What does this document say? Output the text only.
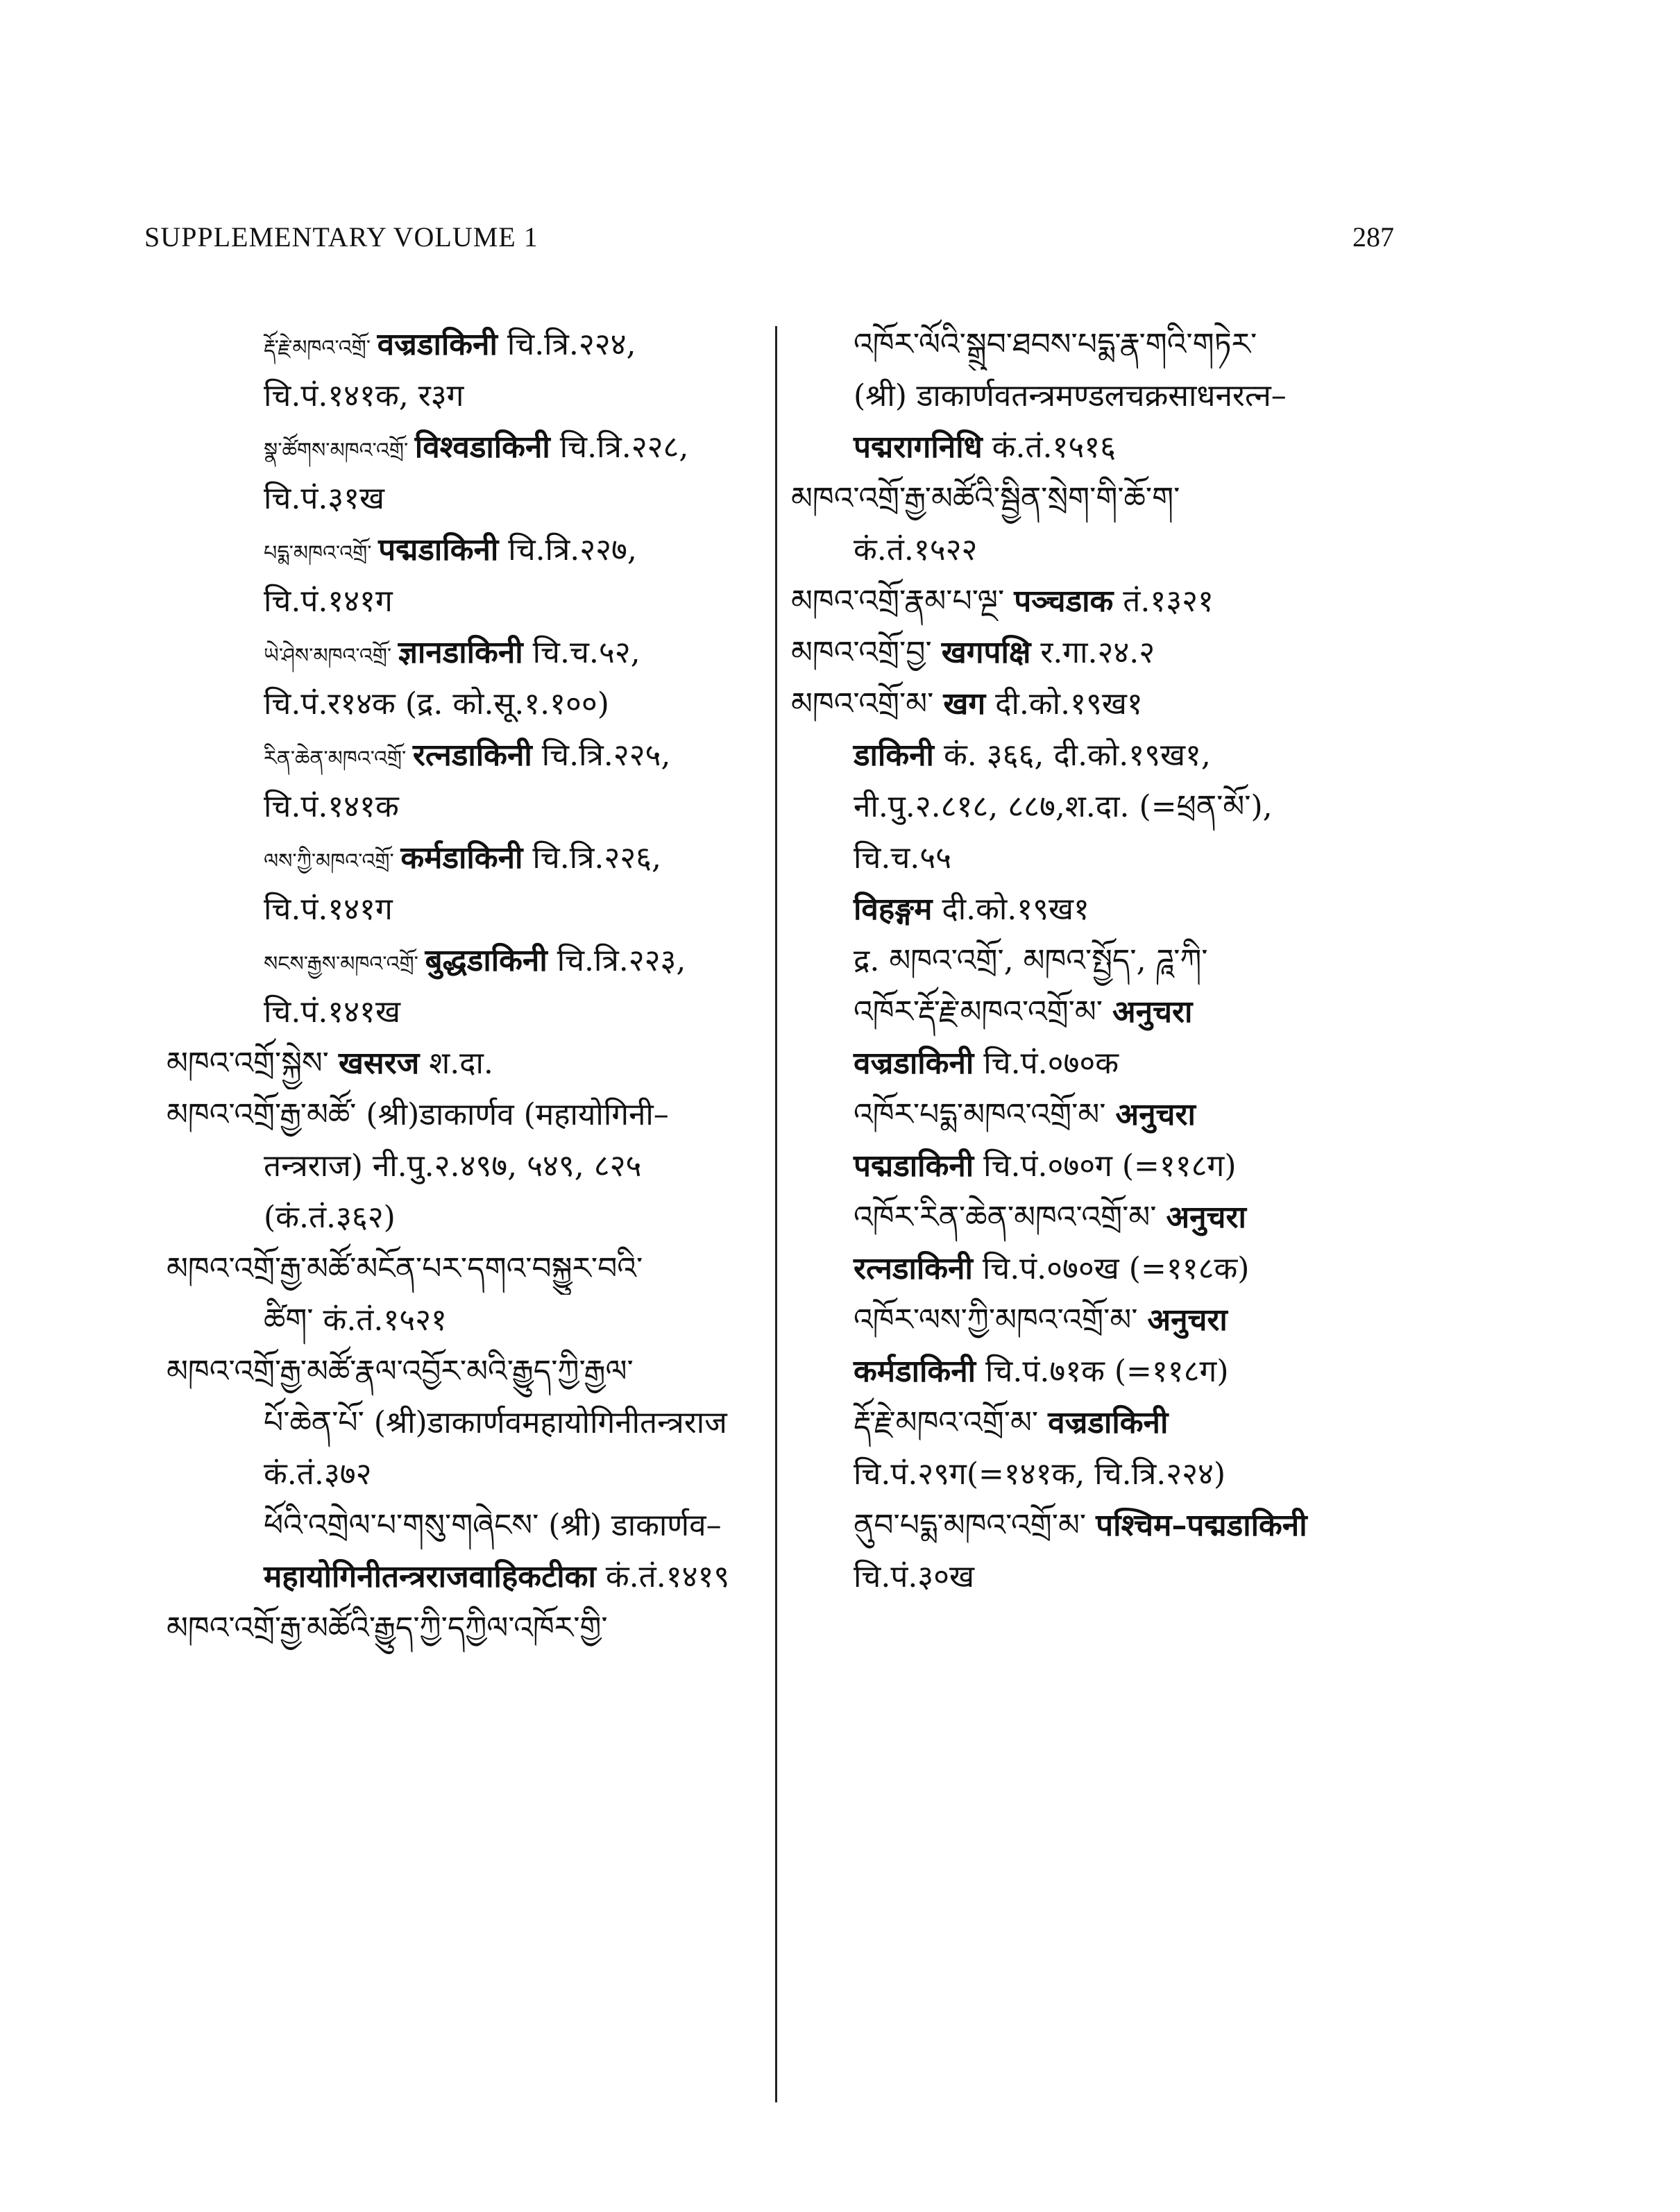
SUPPLEMENTARY VOLUME 1	287
རྡོ་རྗེ་མཁའ་འགྲོ་ वज्रडाकिनी चि.त्रि.२२४,
चि.पं.१४१क, र३ग
སྣ་ཚོགས་མཁའ་འགྲོ་ विश्वडाकिनी चि.त्रि.२२८,
चि.पं.३१ख
པདྨ་མཁའ་འགྲོ་ पद्मडाकिनी चि.त्रि.२२७,
चि.पं.१४१ग
ཡེ་ཤེས་མཁའ་འགྲོ་ ज्ञानडाकिनी चि.च.५२,
चि.पं.र१४क (द्र. को.सू.१.१००)
རིན་ཆེན་མཁའ་འགྲོ་ रत्नडाकिनी चि.त्रि.२२५,
चि.पं.१४१क
ལས་ཀྱི་མཁའ་འགྲོ་ कर्मडाकिनी चि.त्रि.२२६,
चि.पं.१४१ग
སངས་རྒྱས་མཁའ་འགྲོ་ बुद्धडाकिनी चि.त्रि.२२३,
चि.पं.१४१ख
མཁའ་འགྲོ་སྐྱེས་ खसरज श.दा.
མཁའ་འགྲོ་རྒྱ་མཚོ་ (श्री)डाकार्णव (महायोगिनी–
तन्त्रराज) नी.पु.२.४९७, ५४९, ८२५
(कं.तं.३६२)
མཁའ་འགྲོ་རྒྱ་མཚོ་མངོན་པར་དགའ་བསྐྱུར་བའི་
ཚིག་ कं.तं.१५२१
མཁའ་འགྲོ་རྒྱ་མཚོ་རྣལ་འབྱོར་མའི་རྒྱུད་ཀྱི་རྒྱལ་
པོ་ཆེན་པོ་ (श्री)डाकार्णवमहायोगिनीतन्त्रराज
कं.तं.३७२
ཕོའི་འགྲེལ་པ་གསུ་གཞེངས་ (श्री) डाकार्णव–
महायोगिनीतन्त्रराजवाहिकटीका कं.तं.१४१९
མཁའ་འགྲོ་རྒྱ་མཚོའི་རྒྱུད་ཀྱི་དཀྱིལ་འཁོར་གྱི་
འཁོར་ལོའི་སྒྲུབ་ཐབས་པདྨ་རྣ་གའི་གཏེར་
(श्री) डाकार्णवतन्त्रमण्डलचक्रसाधनरत्न–
पद्मरागनिधि कं.तं.१५१६
མཁའ་འགྲོ་རྒྱ་མཚོའི་སྦྱིན་སྲེག་གི་ཆོ་ག་
कं.तं.१५२२
མཁའ་འགྲོ་རྣམ་པ་ལྔ་ पञ्चडाक तं.१३२१
མཁའ་འགྲོ་བྱ་ खगपक्षि र.गा.२४.२
མཁའ་འགྲོ་མ་ खग दी.को.१९ख१
डाकिनी कं. ३६६, दी.को.१९ख१,
नी.पु.२.८१८, ८८७,श.दा. (=ཕྲན་མོ་),
चि.च.५५
विहङ्गम दी.को.१९ख१
द्र. མཁའ་འགྲོ་, མཁའ་སྤྱོད་, ཌཱ་ཀི་
འཁོར་རྡོ་རྗེ་མཁའ་འགྲོ་མ་ अनुचरा
वज्रडाकिनी चि.पं.०७०क
འཁོར་པདྨ་མཁའ་འགྲོ་མ་ अनुचरा
पद्मडाकिनी चि.पं.०७०ग (=११८ग)
འཁོར་རིན་ཆེན་མཁའ་འགྲོ་མ་ अनुचरा
रत्नडाकिनी चि.पं.०७०ख (=११८क)
འཁོར་ལས་ཀྱི་མཁའ་འགྲོ་མ་ अनुचरा
कर्मडाकिनी चि.पं.७१क (=११८ग)
རྡོ་རྗེ་མཁའ་འགྲོ་མ་ वज्रडाकिनी
चि.पं.२९ग(=१४१क, चि.त्रि.२२४)
ནུབ་པདྨ་མཁའ་འགྲོ་མ་ पश्चिम–पद्मडाकिनी
चि.पं.३०ख
